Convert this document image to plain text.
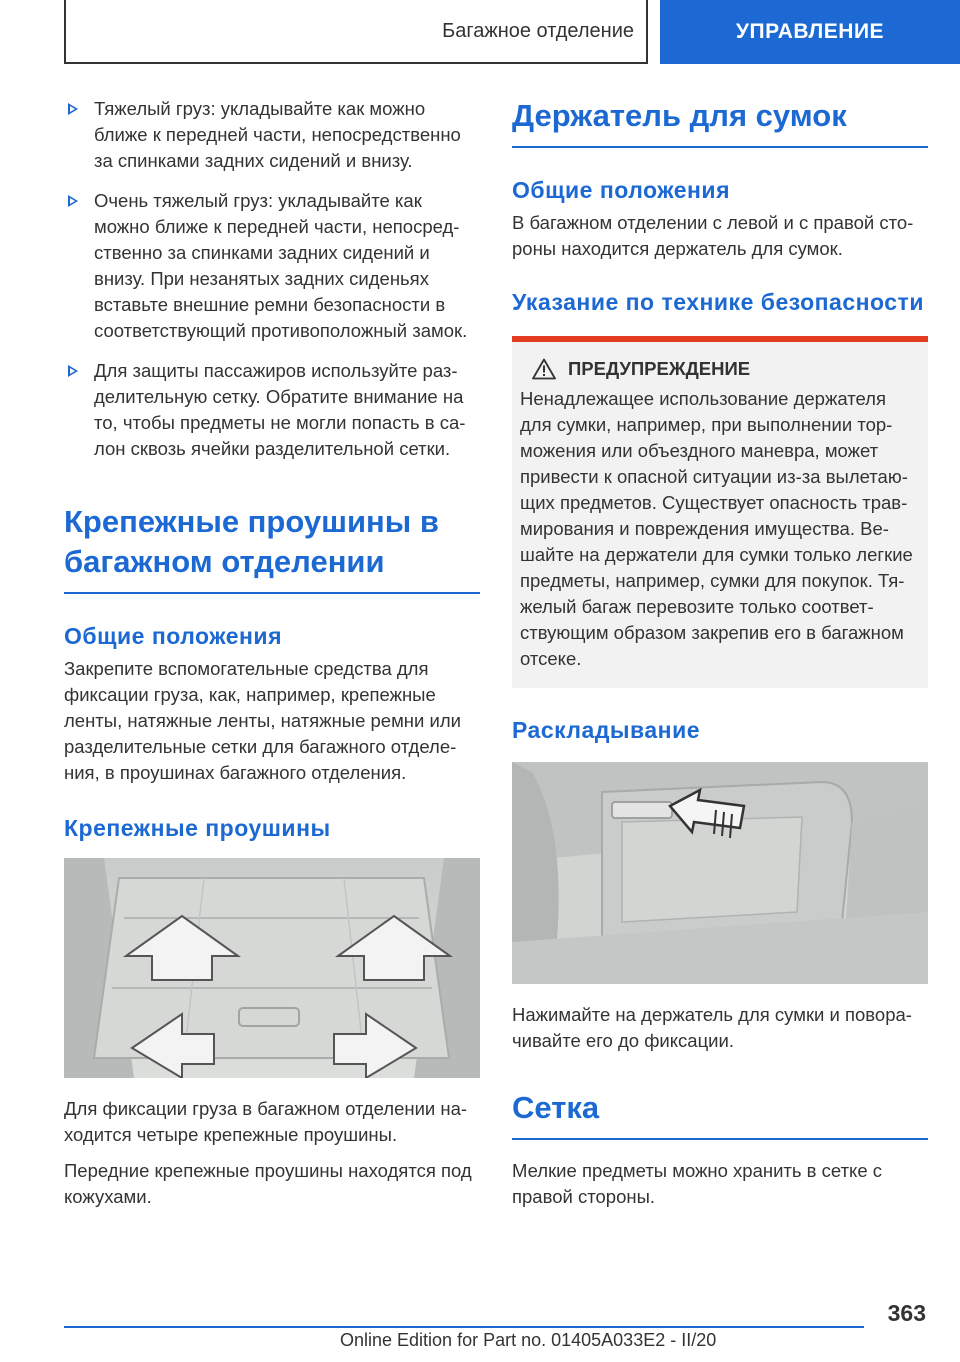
Багажное отделение	УПРАВЛЕНИЕ
Тяжелый груз: укладывайте как можно ближе к передней части, непосредственно за спинками задних сидений и внизу.
Очень тяжелый груз: укладывайте как можно ближе к передней части, непосредственно за спинками задних сидений и внизу. При незанятых задних сиденьях вставьте внешние ремни безопасности в соответствующий противоположный замок.
Для защиты пассажиров используйте разделительную сетку. Обратите внимание на то, чтобы предметы не могли попасть в салон сквозь ячейки разделительной сетки.
Крепежные проушины в багажном отделении
Общие положения

Закрепите вспомогательные средства для фиксации груза, как, например, крепежные ленты, натяжные ленты, натяжные ремни или разделительные сетки для багажного отделения, в проушинах багажного отделения.

Крепежные проушины

Для фиксации груза в багажном отделении находится четыре крепежные проушины.

Передние крепежные проушины находятся под кожухами.

Держатель для сумок
Общие положения

В багажном отделении с левой и с правой стороны находится держатель для сумок.

Указание по технике безопасности
ПРЕДУПРЕЖДЕНИЕ

Ненадлежащее использование держателя для сумки, например, при выполнении торможения или объездного маневра, может привести к опасной ситуации из-за вылетающих предметов. Существует опасность травмирования и повреждения имущества. Вешайте на держатели для сумки только легкие предметы, например, сумки для покупок. Тяжелый багаж перевозите только соответствующим образом закрепив его в багажном отсеке.

Раскладывание

Нажимайте на держатель для сумки и поворачивайте его до фиксации.

Сетка

Мелкие предметы можно хранить в сетке с правой стороны.

363
Online Edition for Part no. 01405A033E2 - II/20
